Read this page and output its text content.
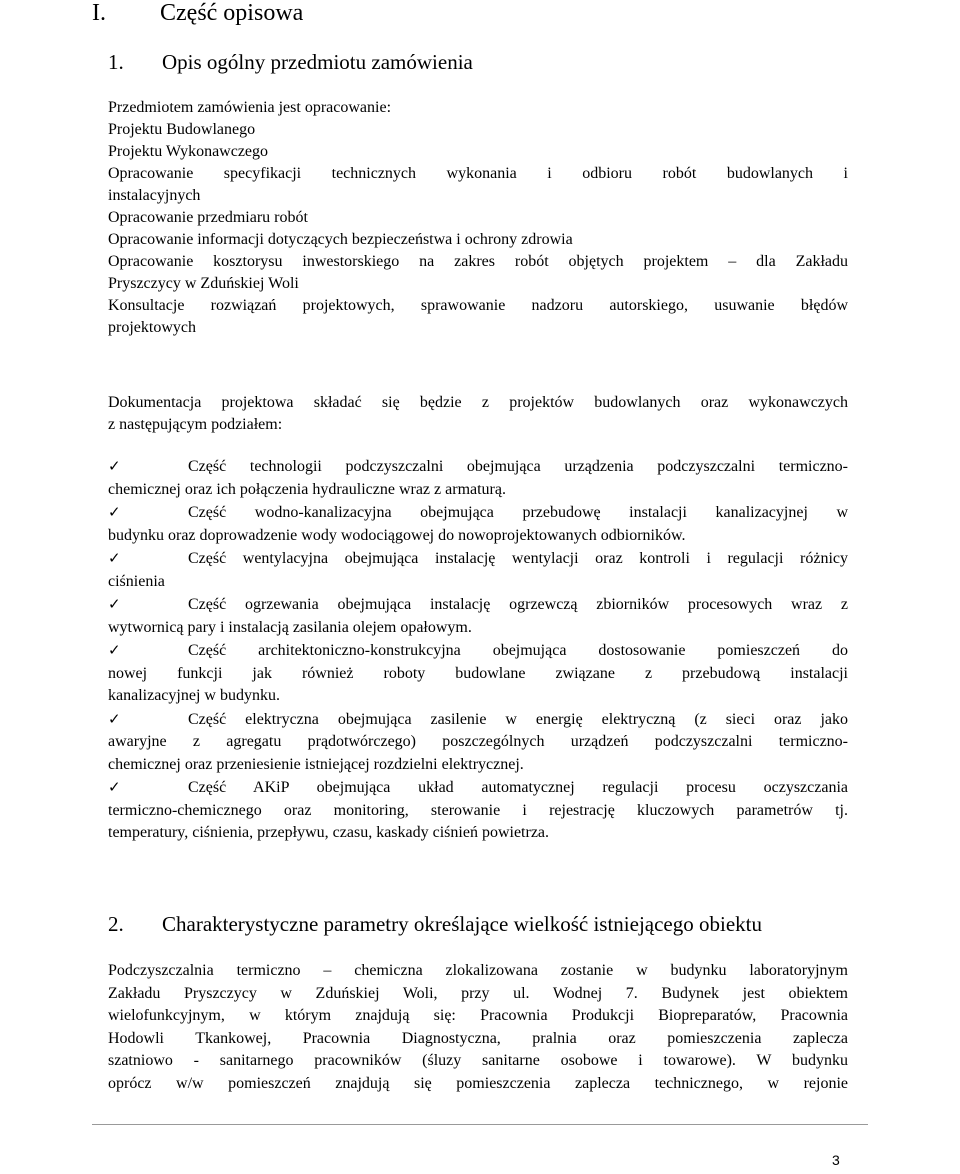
I. Część opisowa
1. Opis ogólny przedmiotu zamówienia
Przedmiotem zamówienia jest opracowanie:
Projektu Budowlanego
Projektu Wykonawczego
Opracowanie specyfikacji technicznych wykonania i odbioru robót budowlanych i
instalacyjnych
Opracowanie przedmiaru robót
Opracowanie informacji dotyczących bezpieczeństwa i ochrony zdrowia
Opracowanie kosztorysu inwestorskiego na zakres robót objętych projektem – dla Zakładu
Pryszczycy w Zduńskiej Woli
Konsultacje rozwiązań projektowych, sprawowanie nadzoru autorskiego, usuwanie błędów
projektowych
Dokumentacja projektowa składać się będzie z projektów budowlanych oraz wykonawczych
z następującym podziałem:
✓	Część technologii podczyszczalni obejmująca urządzenia podczyszczalni termiczno-
chemicznej oraz ich połączenia hydrauliczne wraz z armaturą.
✓	Część wodno-kanalizacyjna obejmująca przebudowę instalacji kanalizacyjnej w
budynku oraz doprowadzenie wody wodociągowej do nowoprojektowanych odbiorników.
✓	Część wentylacyjna obejmująca instalację wentylacji oraz kontroli i regulacji różnicy
ciśnienia
✓	Część ogrzewania obejmująca instalację ogrzewczą zbiorników procesowych wraz z
wytwornicą pary i instalacją zasilania olejem opałowym.
✓	Część architektoniczno-konstrukcyjna obejmująca dostosowanie pomieszczeń do
nowej funkcji jak również roboty budowlane związane z przebudową instalacji
kanalizacyjnej w budynku.
✓	Część elektryczna obejmująca zasilenie w energię elektryczną (z sieci oraz jako
awaryjne z agregatu prądotwórczego) poszczególnych urządzeń podczyszczalni termiczno-
chemicznej oraz przeniesienie istniejącej rozdzielni elektrycznej.
✓	Część AKiP obejmująca układ automatycznej regulacji procesu oczyszczania
termiczno-chemicznego oraz monitoring, sterowanie i rejestrację kluczowych parametrów tj.
temperatury, ciśnienia, przepływu, czasu, kaskady ciśnień powietrza.
2. Charakterystyczne parametry określające wielkość istniejącego obiektu
Podczyszczalnia termiczno – chemiczna zlokalizowana zostanie w budynku laboratoryjnym
Zakładu Pryszczycy w Zduńskiej Woli, przy ul. Wodnej 7. Budynek jest obiektem
wielofunkcyjnym, w którym znajdują się: Pracownia Produkcji Biopreparatów, Pracownia
Hodowli Tkankowej, Pracownia Diagnostyczna, pralnia oraz pomieszczenia zaplecza
szatniowo - sanitarnego pracowników (śluzy sanitarne osobowe i towarowe). W budynku
oprócz w/w pomieszczeń znajdują się pomieszczenia zaplecza technicznego, w rejonie
3
